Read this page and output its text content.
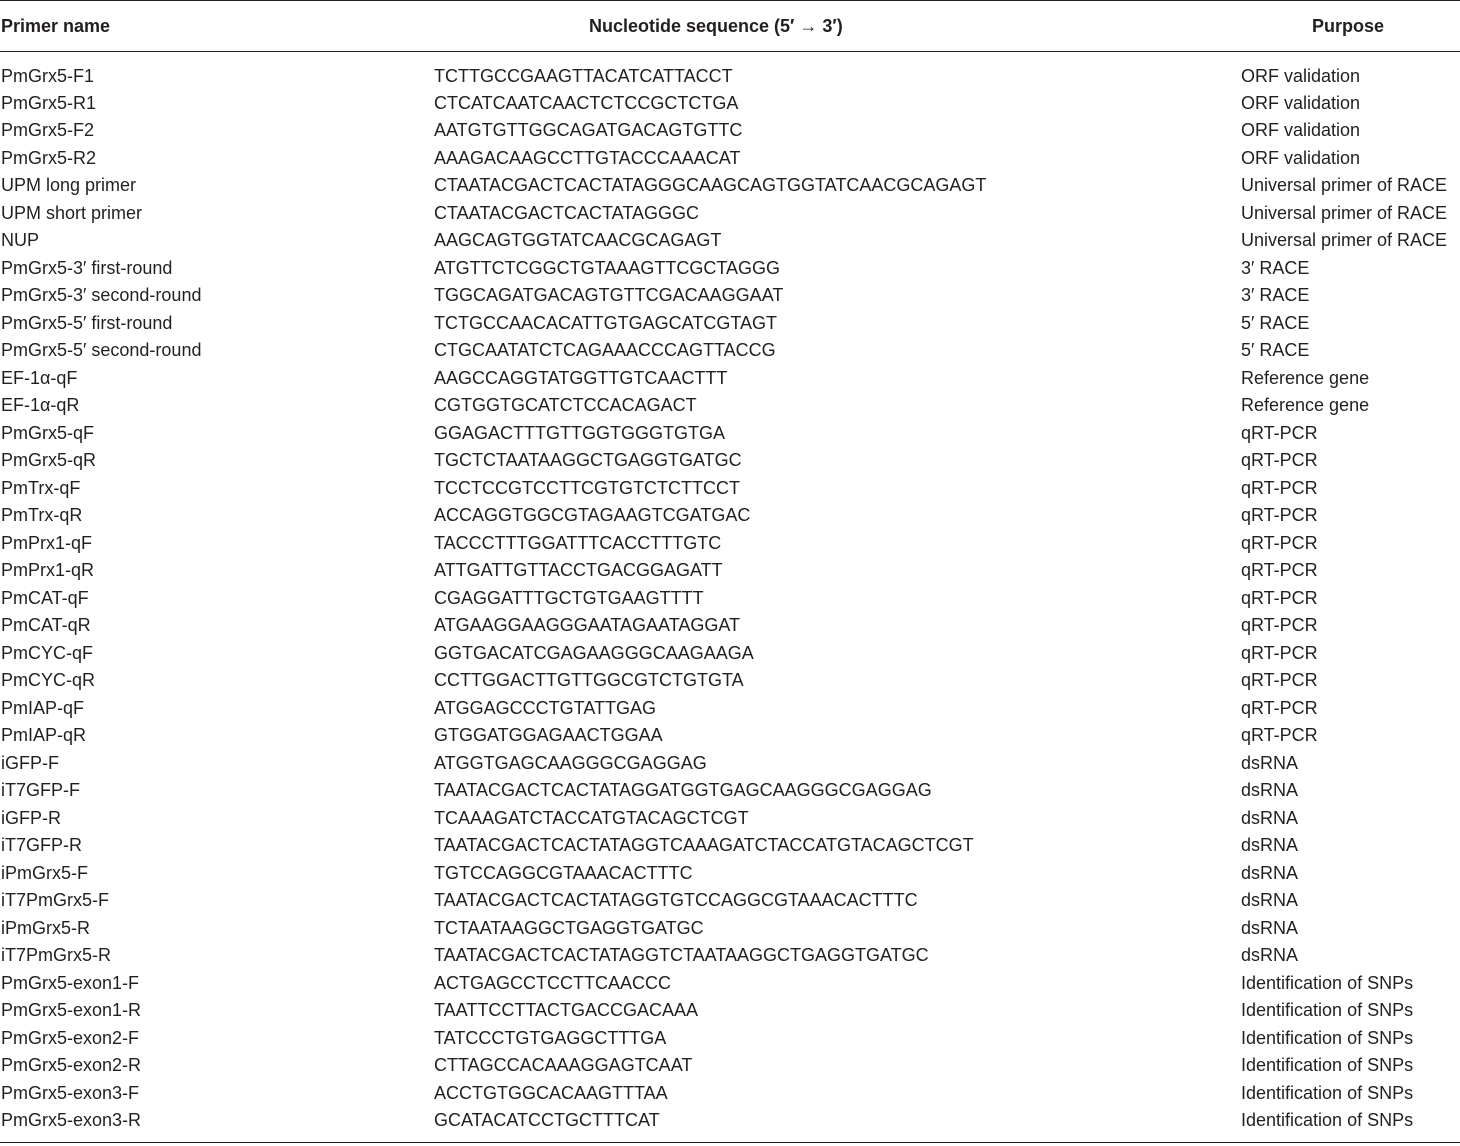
Primer name	Nucleotide sequence (5′ → 3′)	Purpose
PmGrx5-F1	TCTTGCCGAAGTTACATCATTACCT	ORF validation
PmGrx5-R1	CTCATCAATCAACTCTCCGCTCTGA	ORF validation
PmGrx5-F2	AATGTGTTGGCAGATGACAGTGTTC	ORF validation
PmGrx5-R2	AAAGACAAGCCTTGTACCCAAACAT	ORF validation
UPM long primer	CTAATACGACTCACTATAGGGCAAGCAGTGGTATCAACGCAGAGT	Universal primer of RACE
UPM short primer	CTAATACGACTCACTATAGGGC	Universal primer of RACE
NUP	AAGCAGTGGTATCAACGCAGAGT	Universal primer of RACE
PmGrx5-3′ first-round	ATGTTCTCGGCTGTAAAGTTCGCTAGGG	3′ RACE
PmGrx5-3′ second-round	TGGCAGATGACAGTGTTCGACAAGGAAT	3′ RACE
PmGrx5-5′ first-round	TCTGCCAACACATTGTGAGCATCGTAGT	5′ RACE
PmGrx5-5′ second-round	CTGCAATATCTCAGAAACCCAGTTACCG	5′ RACE
EF-1α-qF	AAGCCAGGTATGGTTGTCAACTTT	Reference gene
EF-1α-qR	CGTGGTGCATCTCCACAGACT	Reference gene
PmGrx5-qF	GGAGACTTTGTTGGTGGGTGTGA	qRT-PCR
PmGrx5-qR	TGCTCTAATAAGGCTGAGGTGATGC	qRT-PCR
PmTrx-qF	TCCTCCGTCCTTCGTGTCTCTTCCT	qRT-PCR
PmTrx-qR	ACCAGGTGGCGTAGAAGTCGATGAC	qRT-PCR
PmPrx1-qF	TACCCTTTGGATTTCACCTTTGTC	qRT-PCR
PmPrx1-qR	ATTGATTGTTACCTGACGGAGATT	qRT-PCR
PmCAT-qF	CGAGGATTTGCTGTGAAGTTTT	qRT-PCR
PmCAT-qR	ATGAAGGAAGGGAATAGAATAGGAT	qRT-PCR
PmCYC-qF	GGTGACATCGAGAAGGGCAAGAAGA	qRT-PCR
PmCYC-qR	CCTTGGACTTGTTGGCGTCTGTGTA	qRT-PCR
PmIAP-qF	ATGGAGCCCTGTATTGAG	qRT-PCR
PmIAP-qR	GTGGATGGAGAACTGGAA	qRT-PCR
iGFP-F	ATGGTGAGCAAGGGCGAGGAG	dsRNA
iT7GFP-F	TAATACGACTCACTATAGGATGGTGAGCAAGGGCGAGGAG	dsRNA
iGFP-R	TCAAAGATCTACCATGTACAGCTCGT	dsRNA
iT7GFP-R	TAATACGACTCACTATAGGTCAAAGATCTACCATGTACAGCTCGT	dsRNA
iPmGrx5-F	TGTCCAGGCGTAAACACTTTC	dsRNA
iT7PmGrx5-F	TAATACGACTCACTATAGGTGTCCAGGCGTAAACACTTTC	dsRNA
iPmGrx5-R	TCTAATAAGGCTGAGGTGATGC	dsRNA
iT7PmGrx5-R	TAATACGACTCACTATAGGTCTAATAAGGCTGAGGTGATGC	dsRNA
PmGrx5-exon1-F	ACTGAGCCTCCTTCAACCC	Identification of SNPs
PmGrx5-exon1-R	TAATTCCTTACTGACCGACAAA	Identification of SNPs
PmGrx5-exon2-F	TATCCCTGTGAGGCTTTGA	Identification of SNPs
PmGrx5-exon2-R	CTTAGCCACAAAGGAGTCAAT	Identification of SNPs
PmGrx5-exon3-F	ACCTGTGGCACAAGTTTAA	Identification of SNPs
PmGrx5-exon3-R	GCATACATCCTGCTTTCAT	Identification of SNPs
